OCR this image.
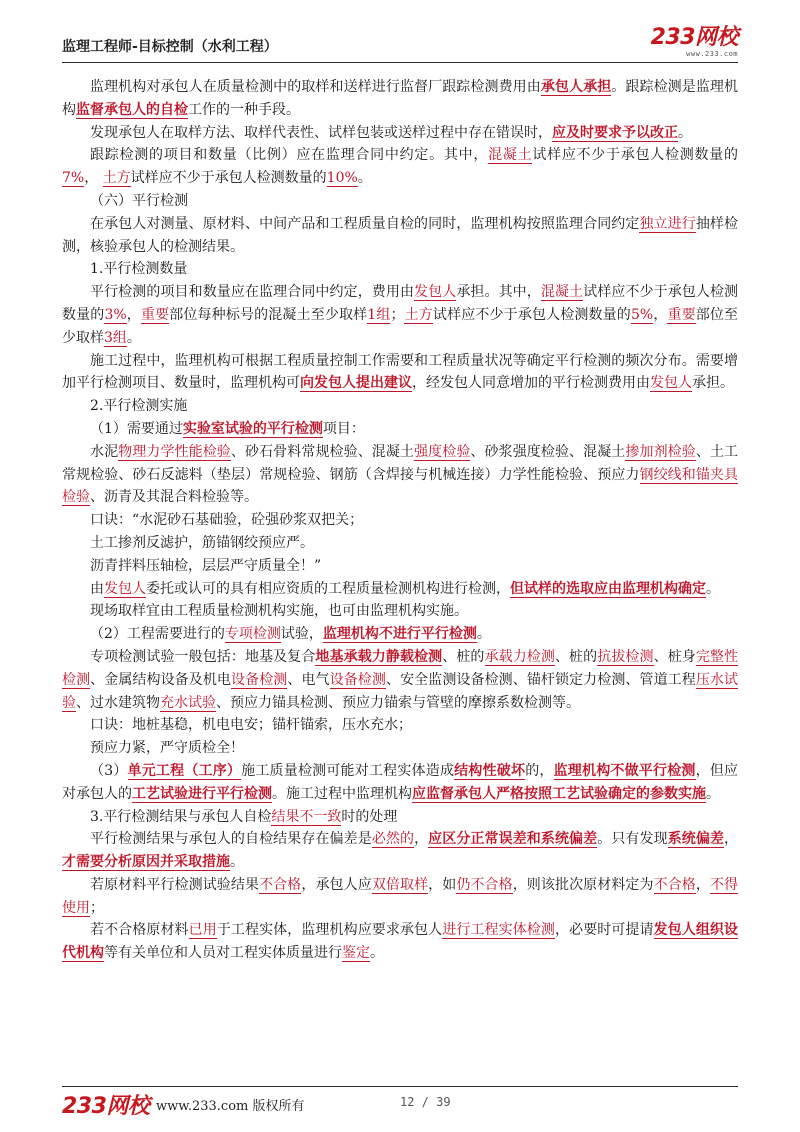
监理工程师-目标控制（水利工程）	233网校
www.233.com

监理机构对承包人在质量检测中的取样和送样进行监督厂跟踪检测费用由承包人承担。跟踪检测是监理机构监督承包人的自检工作的一种手段。

发现承包人在取样方法、取样代表性、试样包装或送样过程中存在错误时，应及时要求予以改正。

跟踪检测的项目和数量（比例）应在监理合同中约定。其中，混凝土试样应不少于承包人检测数量的7%， 土方试样应不少于承包人检测数量的10%。

（六）平行检测

在承包人对测量、原材料、中间产品和工程质量自检的同时，监理机构按照监理合同约定独立进行抽样检测，核验承包人的检测结果。

1.平行检测数量

平行检测的项目和数量应在监理合同中约定，费用由发包人承担。其中，混凝土试样应不少于承包人检测数量的3%，重要部位每种标号的混凝土至少取样1组；土方试样应不少于承包人检测数量的5%，重要部位至少取样3组。

施工过程中，监理机构可根据工程质量控制工作需要和工程质量状况等确定平行检测的频次分布。需要增加平行检测项目、数量时，监理机构可向发包人提出建议，经发包人同意增加的平行检测费用由发包人承担。

2.平行检测实施

（1）需要通过实验室试验的平行检测项目：

水泥物理力学性能检验、砂石骨料常规检验、混凝土强度检验、砂浆强度检验、混凝土掺加剂检验、土工常规检验、砂石反滤料（垫层）常规检验、钢筋（含焊接与机械连接）力学性能检验、预应力钢绞线和锚夹具检验、沥青及其混合料检验等。

口诀：“水泥砂石基础验，砼强砂浆双把关；

土工掺剂反滤护，筋锚钢绞预应严。

沥青拌料压轴检，层层严守质量全！”

由发包人委托或认可的具有相应资质的工程质量检测机构进行检测，但试样的选取应由监理机构确定。

现场取样宜由工程质量检测机构实施，也可由监理机构实施。

（2）工程需要进行的专项检测试验，监理机构不进行平行检测。

专项检测试验一般包括：地基及复合地基承载力静载检测、桩的承载力检测、桩的抗拔检测、桩身完整性检测、金属结构设备及机电设备检测、电气设备检测、安全监测设备检测、锚杆锁定力检测、管道工程压水试验、过水建筑物充水试验、预应力锚具检测、预应力锚索与管壁的摩擦系数检测等。

口诀：地桩基稳，机电电安；锚杆锚索，压水充水；

预应力紧，严守质检全！

（3）单元工程（工序）施工质量检测可能对工程实体造成结构性破坏的，监理机构不做平行检测，但应对承包人的工艺试验进行平行检测。施工过程中监理机构应监督承包人严格按照工艺试验确定的参数实施。

3.平行检测结果与承包人自检结果不一致时的处理

平行检测结果与承包人的自检结果存在偏差是必然的，应区分正常误差和系统偏差。只有发现系统偏差，才需要分析原因并采取措施。

若原材料平行检测试验结果不合格，承包人应双倍取样，如仍不合格，则该批次原材料定为不合格，不得使用；

若不合格原材料已用于工程实体，监理机构应要求承包人进行工程实体检测，必要时可提请发包人组织设代机构等有关单位和人员对工程实体质量进行鉴定。

233网校 www.233.com 版权所有	12 / 39
